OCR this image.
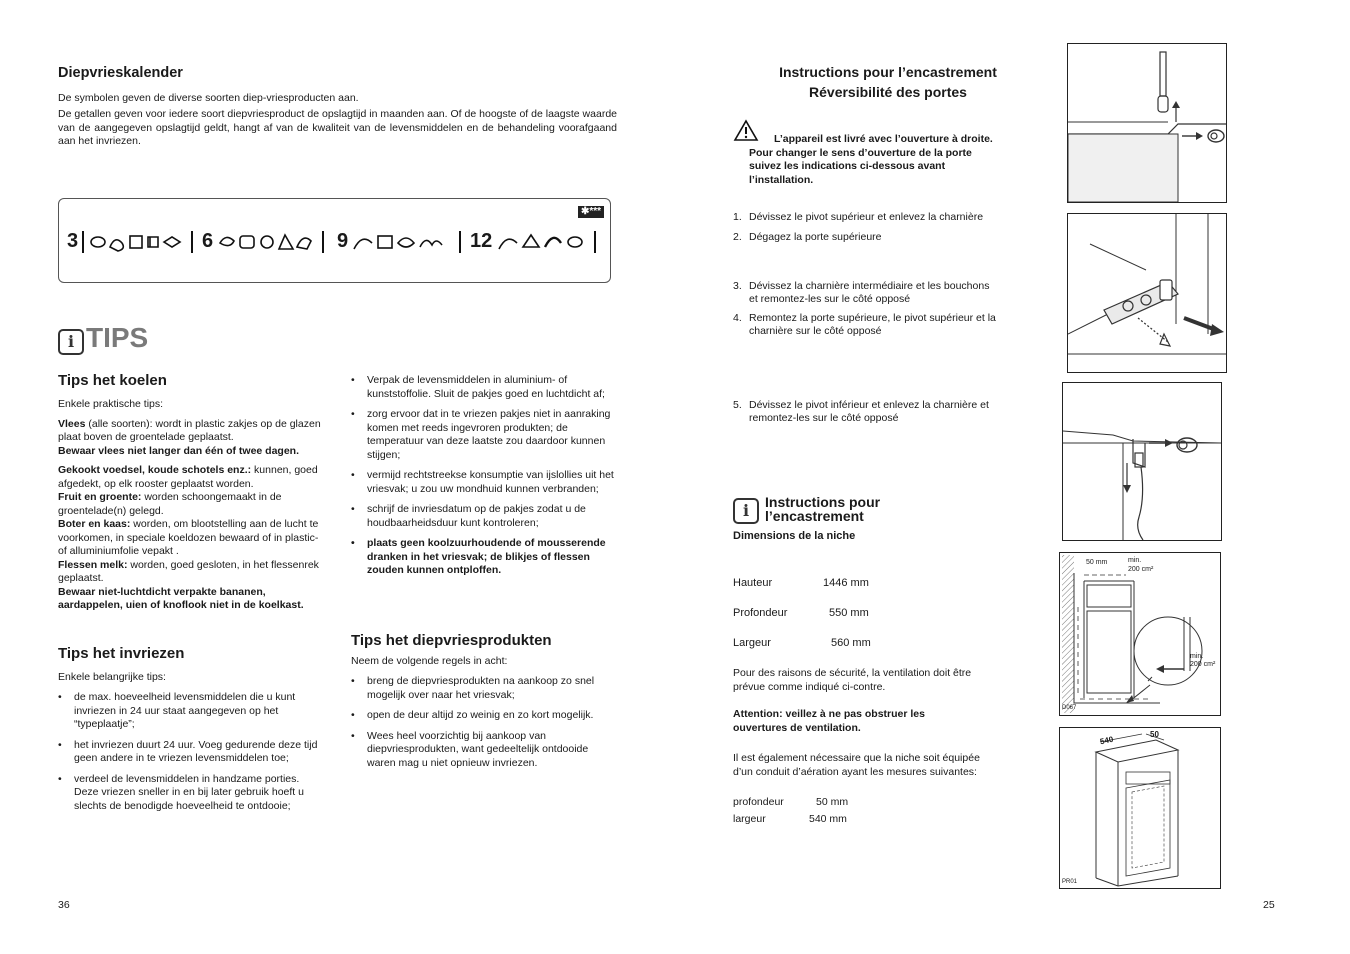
Diepvrieskalender

De symbolen geven de diverse soorten diep-vriesproducten aan.

De getallen geven voor iedere soort diepvriesproduct de opslagtijd in maanden aan. Of de hoogste of de laagste waarde van de aangegeven opslagtijd geldt, hangt af van de kwaliteit van de levensmiddelen en de behandeling voorafgaand aan het invriezen.

✱***
3	6	9	12
i TIPS
Tips het koelen

Enkele praktische tips:

Vlees (alle soorten): wordt in plastic zakjes op de glazen plaat boven de groentelade geplaatst.
Bewaar vlees niet langer dan één of twee dagen.

Gekookt voedsel, koude schotels enz.: kunnen, goed afgedekt, op elk rooster geplaatst worden.

Fruit en groente: worden schoongemaakt in de groentelade(n) gelegd.

Boter en kaas: worden, om blootstelling aan de lucht te voorkomen, in speciale koeldozen bewaard of in plastic- of alluminiumfolie vepakt .

Flessen melk: worden, goed gesloten, in het flessenrek geplaatst.

Bewaar niet-luchtdicht verpakte bananen, aardappelen, uien of knoflook niet in de koelkast.

Tips het invriezen

Enkele belangrijke tips:

• de max. hoeveelheid levensmiddelen die u kunt invriezen in 24 uur staat aangegeven op het “typeplaatje”;
• het invriezen duurt 24 uur. Voeg gedurende deze tijd geen andere in te vriezen levensmiddelen toe;
• verdeel de levensmiddelen in handzame porties. Deze vriezen sneller in en bij later gebruik hoeft u slechts de benodigde hoeveelheid te ontdooie;
• Verpak de levensmiddelen in aluminium- of kunststoffolie. Sluit de pakjes goed en luchtdicht af;
• zorg ervoor dat in te vriezen pakjes niet in aanraking komen met reeds ingevroren produkten; de temperatuur van deze laatste zou daardoor kunnen stijgen;
• vermijd rechtstreekse konsumptie van ijslollies uit het vriesvak; u zou uw mondhuid kunnen verbranden;
• schrijf de invriesdatum op de pakjes zodat u de houdbaarheidsduur kunt kontroleren;
• plaats geen koolzuurhoudende of mousserende dranken in het vriesvak; de blikjes of flessen zouden kunnen ontploffen.
Tips het diepvriesprodukten

Neem de volgende regels in acht:

• breng de diepvriesprodukten na aankoop zo snel mogelijk over naar het vriesvak;
• open de deur altijd zo weinig en zo kort mogelijk.
• Wees heel voorzichtig bij aankoop van diepvriesprodukten, want gedeeltelijk ontdooide waren mag u niet opnieuw invriezen.
36
Instructions pour l’encastrement
Réversibilité des portes

L’appareil est livré avec l’ouverture à droite. Pour changer le sens d’ouverture de la porte suivez les indications ci-dessous avant l’installation.

1. Dévissez le pivot supérieur et enlevez la charnière
2. Dégagez la porte supérieure
3. Dévissez la charnière intermédiaire et les bouchons et remontez-les sur le côté opposé
4. Remontez la porte supérieure, le pivot supérieur et la charnière sur le côté opposé
5. Dévissez le pivot inférieur et enlevez la charnière et remontez-les sur le côté opposé
i	Instructions pour
l’encastrement
Dimensions de la niche
Hauteur	1446 mm
Profondeur	550 mm
Largeur	560 mm

Pour des raisons de sécurité, la ventilation doit être prévue comme indiqué ci-contre.

Attention: veillez à ne pas obstruer les ouvertures de ventilation.

Il est également nécessaire que la niche soit équipée d’un conduit d’aération ayant les mesures suivantes:

profondeur	50 mm
largeur	540 mm
50 mm	min.
200 cm²
min.
200 cm²
D067
540
50
PR01
25
